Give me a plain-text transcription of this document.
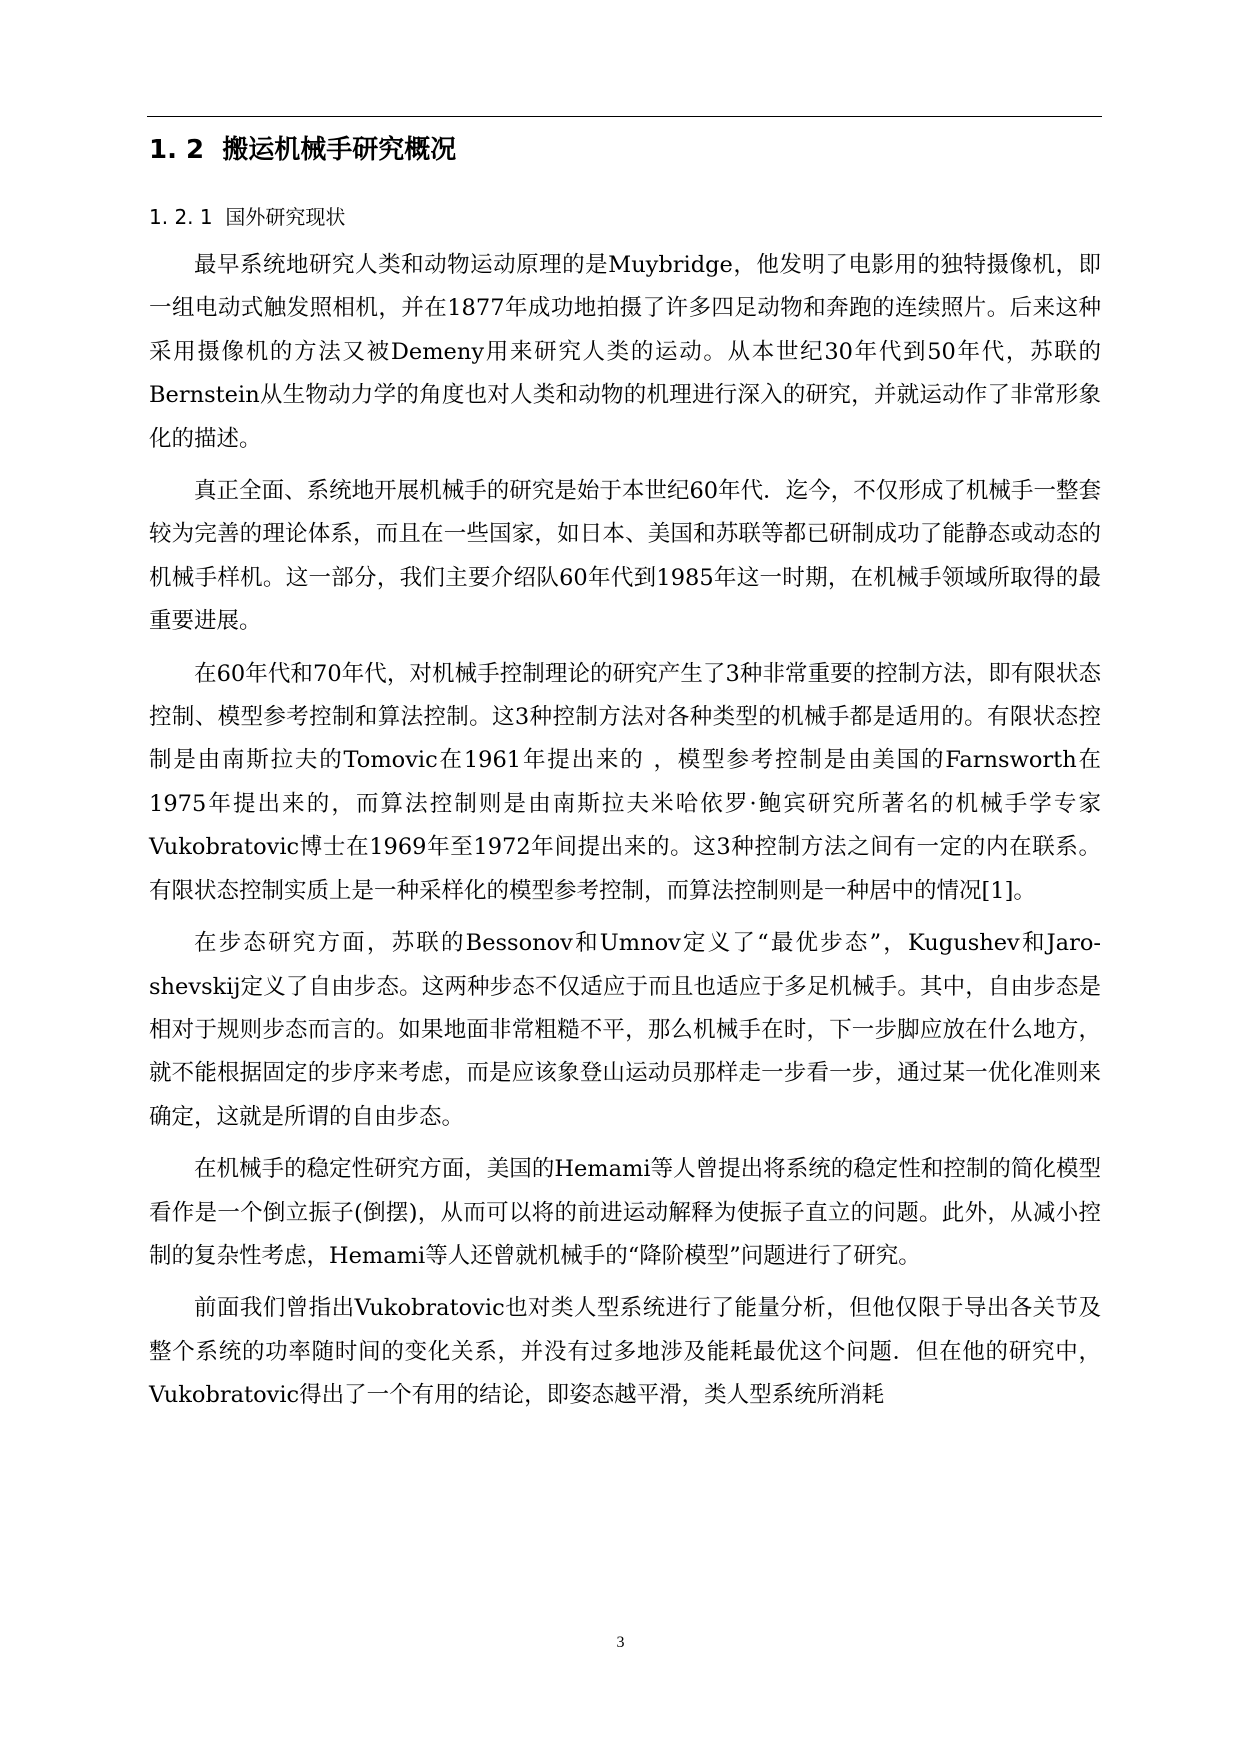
1. 2 搬运机械手研究概况
1. 2. 1 国外研究现状

最早系统地研究人类和动物运动原理的是Muybridge，他发明了电影用的独特摄像机，即一组电动式触发照相机，并在1877年成功地拍摄了许多四足动物和奔跑的连续照片。后来这种采用摄像机的方法又被Demeny用来研究人类的运动。从本世纪30年代到50年代，苏联的Bernstein从生物动力学的角度也对人类和动物的机理进行深入的研究，并就运动作了非常形象化的描述。

真正全面、系统地开展机械手的研究是始于本世纪60年代．迄今，不仅形成了机械手一整套较为完善的理论体系，而且在一些国家，如日本、美国和苏联等都已研制成功了能静态或动态的机械手样机。这一部分，我们主要介绍队60年代到1985年这一时期，在机械手领域所取得的最重要进展。

在60年代和70年代，对机械手控制理论的研究产生了3种非常重要的控制方法，即有限状态控制、模型参考控制和算法控制。这3种控制方法对各种类型的机械手都是适用的。有限状态控制是由南斯拉夫的Tomovic在1961年提出来的 ，模型参考控制是由美国的Farnsworth在1975年提出来的，而算法控制则是由南斯拉夫米哈依罗·鲍宾研究所著名的机械手学专家Vukobratovic博士在1969年至1972年间提出来的。这3种控制方法之间有一定的内在联系。有限状态控制实质上是一种采样化的模型参考控制，而算法控制则是一种居中的情况[1]。

在步态研究方面，苏联的Bessonov和Umnov定义了“最优步态”，Kugushev和Jaro-shevskij定义了自由步态。这两种步态不仅适应于而且也适应于多足机械手。其中，自由步态是相对于规则步态而言的。如果地面非常粗糙不平，那么机械手在时，下一步脚应放在什么地方，就不能根据固定的步序来考虑，而是应该象登山运动员那样走一步看一步，通过某一优化准则来确定，这就是所谓的自由步态。

在机械手的稳定性研究方面，美国的Hemami等人曾提出将系统的稳定性和控制的简化模型看作是一个倒立振子(倒摆)，从而可以将的前进运动解释为使振子直立的问题。此外，从减小控制的复杂性考虑，Hemami等人还曾就机械手的“降阶模型”问题进行了研究。

前面我们曾指出Vukobratovic也对类人型系统进行了能量分析，但他仅限于导出各关节及整个系统的功率随时间的变化关系，并没有过多地涉及能耗最优这个问题．但在他的研究中，Vukobratovic得出了一个有用的结论，即姿态越平滑，类人型系统所消耗

3
